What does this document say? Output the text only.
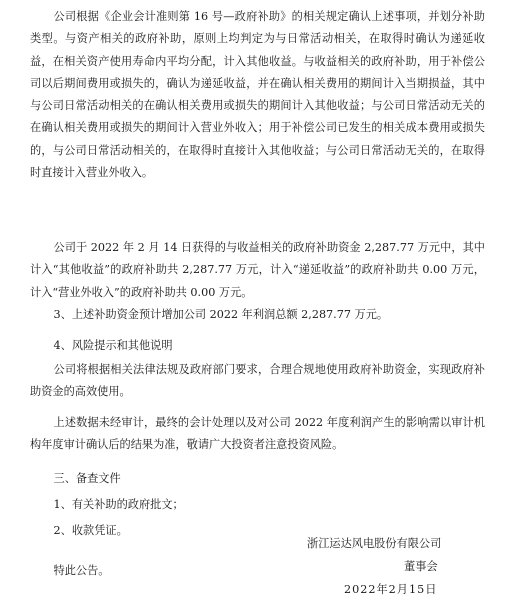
公司根据《企业会计准则第 16 号—政府补助》的相关规定确认上述事项，并划分补助类型。与资产相关的政府补助，原则上均判定为与日常活动相关，在取得时确认为递延收益，在相关资产使用寿命内平均分配，计入其他收益。与收益相关的政府补助，用于补偿公司以后期间费用或损失的，确认为递延收益，并在确认相关费用的期间计入当期损益，其中与公司日常活动相关的在确认相关费用或损失的期间计入其他收益；与公司日常活动无关的在确认相关费用或损失的期间计入营业外收入；用于补偿公司已发生的相关成本费用或损失的，与公司日常活动相关的，在取得时直接计入其他收益；与公司日常活动无关的，在取得时直接计入营业外收入。

公司于 2022 年 2 月 14 日获得的与收益相关的政府补助资金 2,287.77 万元中，其中计入“其他收益”的政府补助共 2,287.77 万元，计入“递延收益”的政府补助共 0.00 万元，计入“营业外收入”的政府补助共 0.00 万元。

3、上述补助资金预计增加公司 2022 年利润总额 2,287.77 万元。

4、风险提示和其他说明

公司将根据相关法律法规及政府部门要求，合理合规地使用政府补助资金，实现政府补助资金的高效使用。

上述数据未经审计，最终的会计处理以及对公司 2022 年度利润产生的影响需以审计机构年度审计确认后的结果为准，敬请广大投资者注意投资风险。

三、备查文件

1、有关补助的政府批文；

2、收款凭证。

特此公告。

浙江运达风电股份有限公司
董事会
2022年2月15日
